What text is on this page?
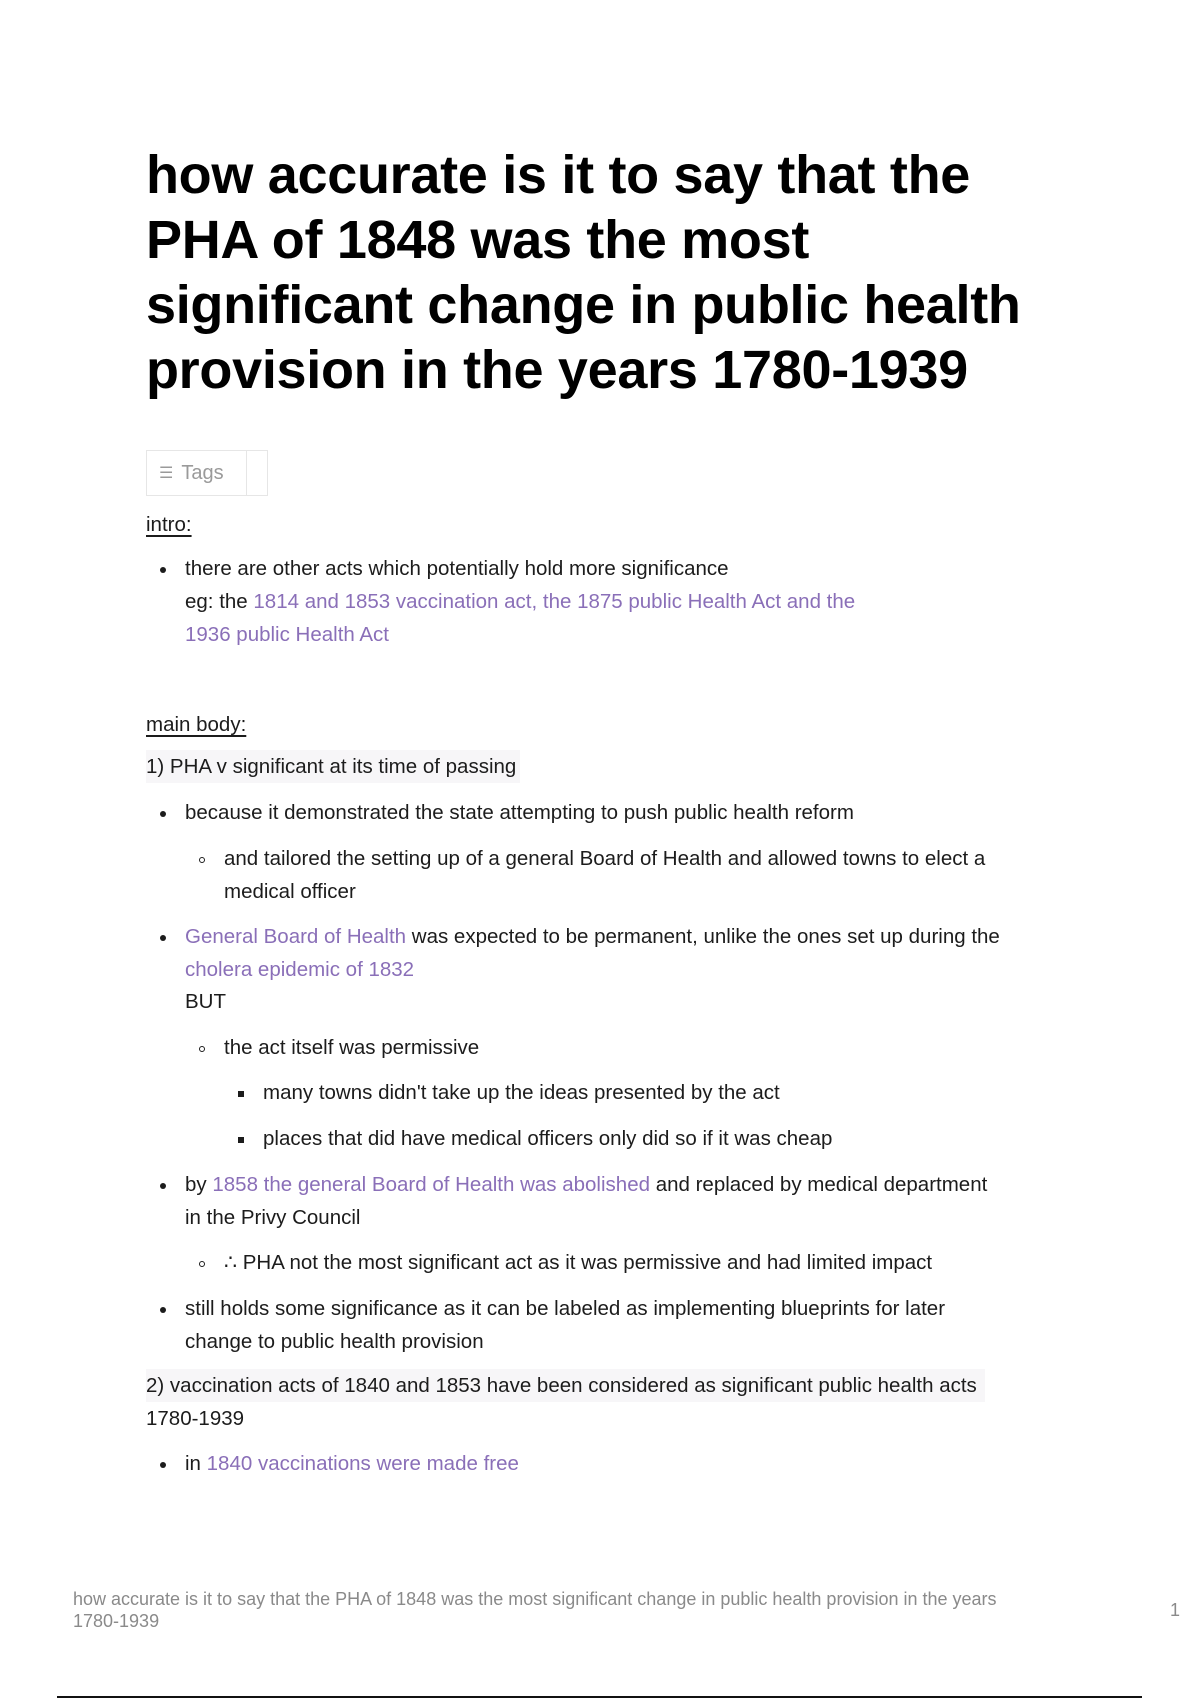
how accurate is it to say that the PHA of 1848 was the most significant change in public health provision in the years 1780-1939
☰ Tags
intro:
there are other acts which potentially hold more significance
eg: the 1814 and 1853 vaccination act, the 1875 public Health Act and the
1936 public Health Act
main body:
1) PHA v significant at its time of passing
because it demonstrated the state attempting to push public health reform
and tailored the setting up of a general Board of Health and allowed towns to elect a
medical officer
General Board of Health was expected to be permanent, unlike the ones set up during the
cholera epidemic of 1832
BUT
the act itself was permissive
many towns didn't take up the ideas presented by the act
places that did have medical officers only did so if it was cheap
by 1858 the general Board of Health was abolished and replaced by medical department
in the Privy Council
∴ PHA not the most significant act as it was permissive and had limited impact
still holds some significance as it can be labeled as implementing blueprints for later
change to public health provision
2) vaccination acts of 1840 and 1853 have been considered as significant public health acts
1780-1939
in 1840 vaccinations were made free
how accurate is it to say that the PHA of 1848 was the most significant change in public health provision in the years
1780-1939
1
